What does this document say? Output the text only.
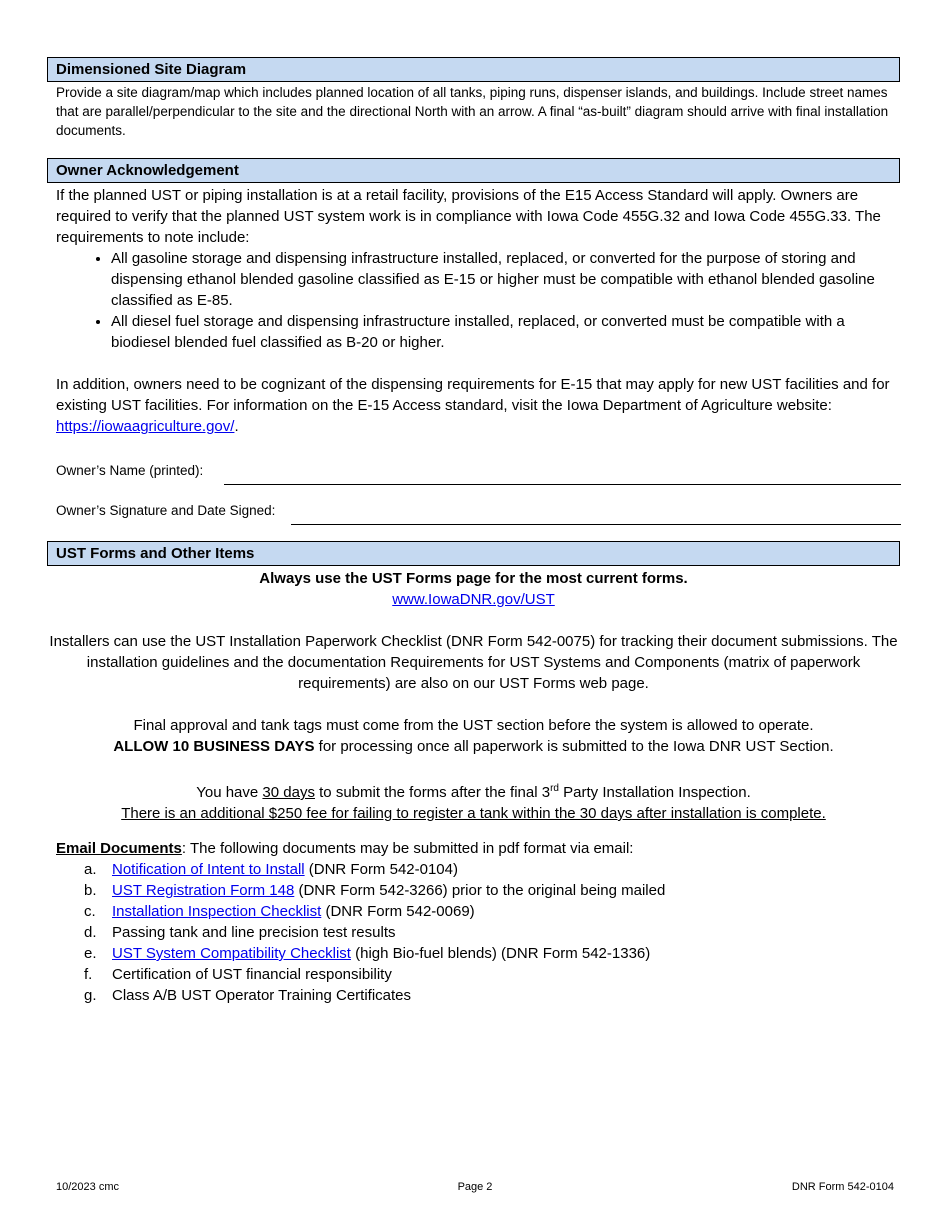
Dimensioned Site Diagram
Provide a site diagram/map which includes planned location of all tanks, piping runs, dispenser islands, and buildings. Include street names that are parallel/perpendicular to the site and the directional North with an arrow. A final “as-built” diagram should arrive with final installation documents.
Owner Acknowledgement
If the planned UST or piping installation is at a retail facility, provisions of the E15 Access Standard will apply. Owners are required to verify that the planned UST system work is in compliance with Iowa Code 455G.32 and Iowa Code 455G.33. The requirements to note include:
• All gasoline storage and dispensing infrastructure installed, replaced, or converted for the purpose of storing and dispensing ethanol blended gasoline classified as E-15 or higher must be compatible with ethanol blended gasoline classified as E-85.
• All diesel fuel storage and dispensing infrastructure installed, replaced, or converted must be compatible with a biodiesel blended fuel classified as B-20 or higher.
In addition, owners need to be cognizant of the dispensing requirements for E-15 that may apply for new UST facilities and for existing UST facilities. For information on the E-15 Access standard, visit the Iowa Department of Agriculture website: https://iowaagriculture.gov/.
Owner’s Name (printed):
Owner’s Signature and Date Signed:
UST Forms and Other Items
Always use the UST Forms page for the most current forms.
www.IowaDNR.gov/UST
Installers can use the UST Installation Paperwork Checklist (DNR Form 542-0075) for tracking their document submissions. The installation guidelines and the documentation Requirements for UST Systems and Components (matrix of paperwork requirements) are also on our UST Forms web page.
Final approval and tank tags must come from the UST section before the system is allowed to operate.
ALLOW 10 BUSINESS DAYS for processing once all paperwork is submitted to the Iowa DNR UST Section.
You have 30 days to submit the forms after the final 3rd Party Installation Inspection.
There is an additional $250 fee for failing to register a tank within the 30 days after installation is complete.
Email Documents: The following documents may be submitted in pdf format via email:
a. Notification of Intent to Install (DNR Form 542-0104)
b. UST Registration Form 148 (DNR Form 542-3266) prior to the original being mailed
c. Installation Inspection Checklist (DNR Form 542-0069)
d. Passing tank and line precision test results
e. UST System Compatibility Checklist (high Bio-fuel blends) (DNR Form 542-1336)
f. Certification of UST financial responsibility
g. Class A/B UST Operator Training Certificates
10/2023 cmc	Page 2	DNR Form 542-0104
